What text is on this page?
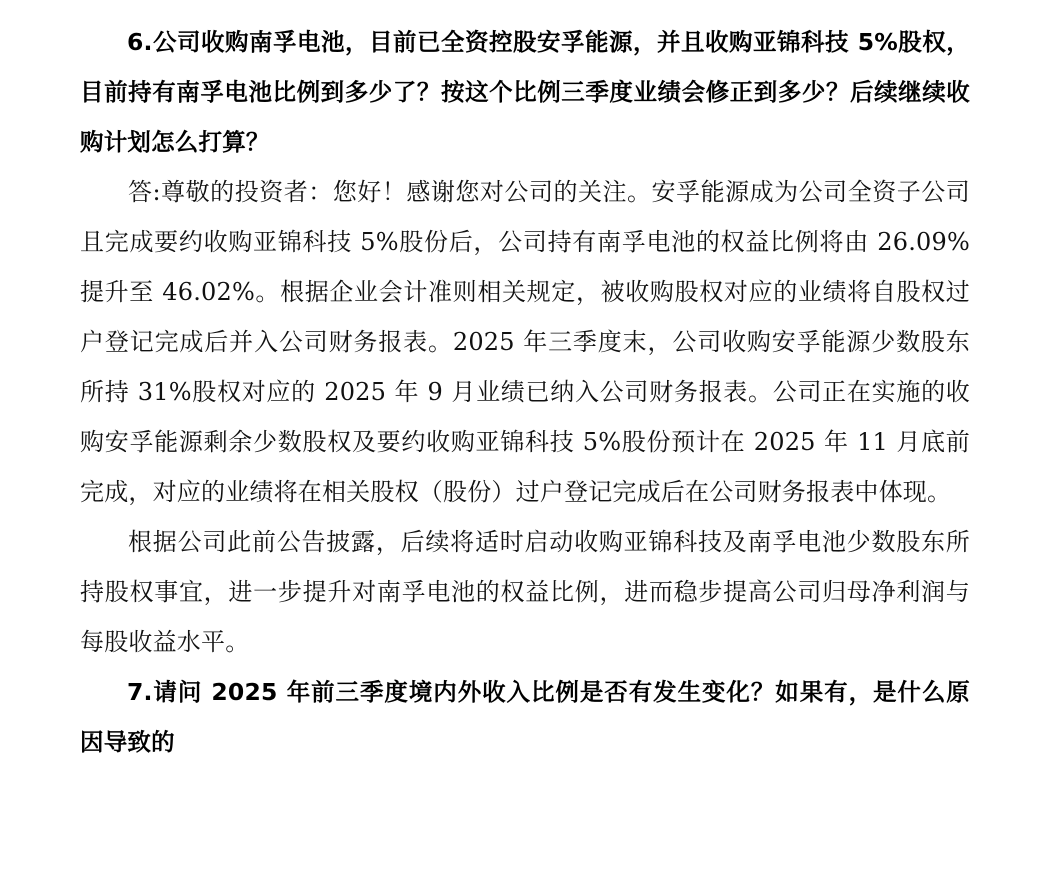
6.公司收购南孚电池，目前已全资控股安孚能源，并且收购亚锦科技 5%股权，目前持有南孚电池比例到多少了？按这个比例三季度业绩会修正到多少？后续继续收购计划怎么打算？

答:尊敬的投资者：您好！感谢您对公司的关注。安孚能源成为公司全资子公司且完成要约收购亚锦科技 5%股份后，公司持有南孚电池的权益比例将由 26.09%提升至 46.02%。根据企业会计准则相关规定，被收购股权对应的业绩将自股权过户登记完成后并入公司财务报表。2025 年三季度末，公司收购安孚能源少数股东所持 31%股权对应的 2025 年 9 月业绩已纳入公司财务报表。公司正在实施的收购安孚能源剩余少数股权及要约收购亚锦科技 5%股份预计在 2025 年 11 月底前完成，对应的业绩将在相关股权（股份）过户登记完成后在公司财务报表中体现。

根据公司此前公告披露，后续将适时启动收购亚锦科技及南孚电池少数股东所持股权事宜，进一步提升对南孚电池的权益比例，进而稳步提高公司归母净利润与每股收益水平。

7.请问 2025 年前三季度境内外收入比例是否有发生变化？如果有，是什么原因导致的
